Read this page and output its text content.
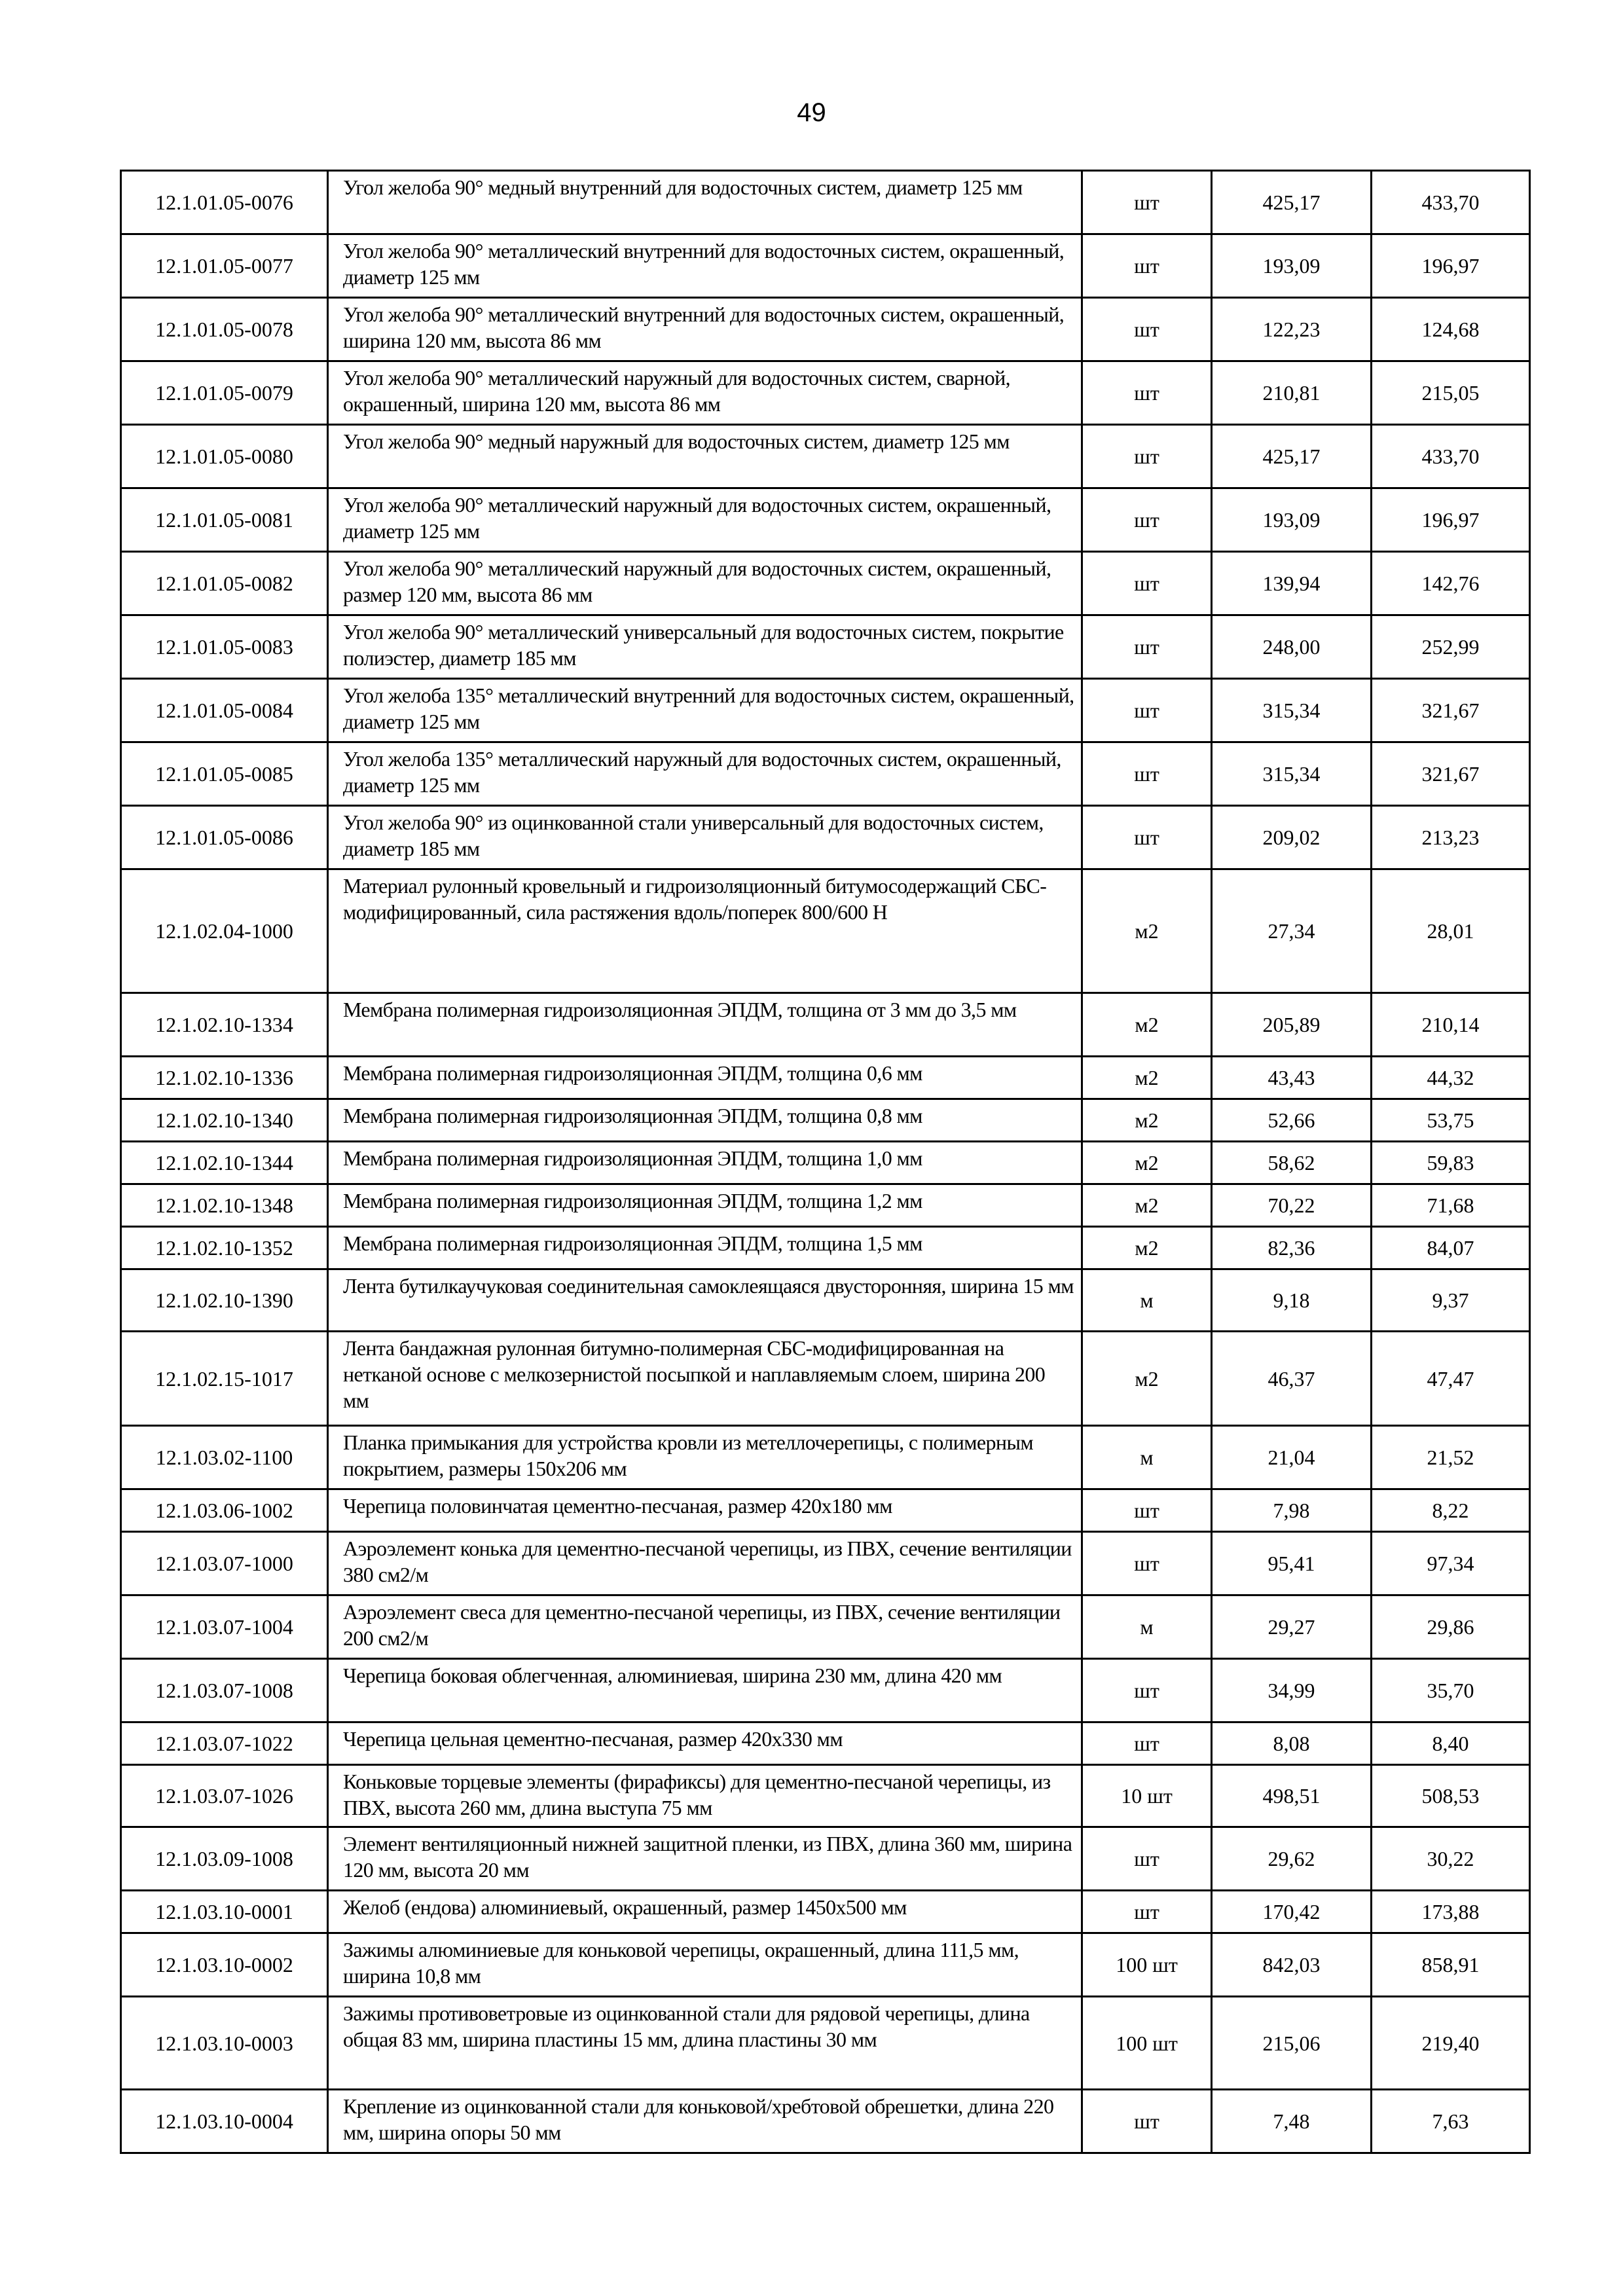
49
12.1.01.05-0076	Угол желоба 90° медный внутренний для водосточных систем, диаметр 125 мм	шт	425,17	433,70
12.1.01.05-0077	Угол желоба 90° металлический внутренний для водосточных систем, окрашенный, диаметр 125 мм	шт	193,09	196,97
12.1.01.05-0078	Угол желоба 90° металлический внутренний для водосточных систем, окрашенный, ширина 120 мм, высота 86 мм	шт	122,23	124,68
12.1.01.05-0079	Угол желоба 90° металлический наружный для водосточных систем, сварной, окрашенный, ширина 120 мм, высота 86 мм	шт	210,81	215,05
12.1.01.05-0080	Угол желоба 90° медный наружный для водосточных систем, диаметр 125 мм	шт	425,17	433,70
12.1.01.05-0081	Угол желоба 90° металлический наружный для водосточных систем, окрашенный, диаметр 125 мм	шт	193,09	196,97
12.1.01.05-0082	Угол желоба 90° металлический наружный для водосточных систем, окрашенный, размер 120 мм, высота 86 мм	шт	139,94	142,76
12.1.01.05-0083	Угол желоба 90° металлический универсальный для водосточных систем, покрытие полиэстер, диаметр 185 мм	шт	248,00	252,99
12.1.01.05-0084	Угол желоба 135° металлический внутренний для водосточных систем, окрашенный, диаметр 125 мм	шт	315,34	321,67
12.1.01.05-0085	Угол желоба 135° металлический наружный для водосточных систем, окрашенный, диаметр 125 мм	шт	315,34	321,67
12.1.01.05-0086	Угол желоба 90° из оцинкованной стали универсальный для водосточных систем, диаметр 185 мм	шт	209,02	213,23
12.1.02.04-1000	Материал рулонный кровельный и гидроизоляционный битумосодержащий СБС-модифицированный, сила растяжения вдоль/поперек 800/600 Н	м2	27,34	28,01
12.1.02.10-1334	Мембрана полимерная гидроизоляционная ЭПДМ, толщина от 3 мм до 3,5 мм	м2	205,89	210,14
12.1.02.10-1336	Мембрана полимерная гидроизоляционная ЭПДМ, толщина 0,6 мм	м2	43,43	44,32
12.1.02.10-1340	Мембрана полимерная гидроизоляционная ЭПДМ, толщина 0,8 мм	м2	52,66	53,75
12.1.02.10-1344	Мембрана полимерная гидроизоляционная ЭПДМ, толщина 1,0 мм	м2	58,62	59,83
12.1.02.10-1348	Мембрана полимерная гидроизоляционная ЭПДМ, толщина 1,2 мм	м2	70,22	71,68
12.1.02.10-1352	Мембрана полимерная гидроизоляционная ЭПДМ, толщина 1,5 мм	м2	82,36	84,07
12.1.02.10-1390	Лента бутилкаучуковая соединительная самоклеящаяся двусторонняя, ширина 15 мм	м	9,18	9,37
12.1.02.15-1017	Лента бандажная рулонная битумно-полимерная СБС-модифицированная на нетканой основе с мелкозернистой посыпкой и наплавляемым слоем, ширина 200 мм	м2	46,37	47,47
12.1.03.02-1100	Планка примыкания для устройства кровли из метеллочерепицы, с полимерным покрытием, размеры 150х206 мм	м	21,04	21,52
12.1.03.06-1002	Черепица половинчатая цементно-песчаная, размер 420х180 мм	шт	7,98	8,22
12.1.03.07-1000	Аэроэлемент конька для цементно-песчаной черепицы, из ПВХ, сечение вентиляции 380 см2/м	шт	95,41	97,34
12.1.03.07-1004	Аэроэлемент свеса для цементно-песчаной черепицы, из ПВХ, сечение вентиляции 200 см2/м	м	29,27	29,86
12.1.03.07-1008	Черепица боковая облегченная, алюминиевая, ширина 230 мм, длина 420 мм	шт	34,99	35,70
12.1.03.07-1022	Черепица цельная цементно-песчаная, размер 420х330 мм	шт	8,08	8,40
12.1.03.07-1026	Коньковые торцевые элементы (фирафиксы) для цементно-песчаной черепицы, из ПВХ, высота 260 мм, длина выступа 75 мм	10 шт	498,51	508,53
12.1.03.09-1008	Элемент вентиляционный нижней защитной пленки, из ПВХ, длина 360 мм, ширина 120 мм, высота 20 мм	шт	29,62	30,22
12.1.03.10-0001	Желоб (ендова) алюминиевый, окрашенный, размер 1450х500 мм	шт	170,42	173,88
12.1.03.10-0002	Зажимы алюминиевые для коньковой черепицы, окрашенный, длина 111,5 мм, ширина 10,8 мм	100 шт	842,03	858,91
12.1.03.10-0003	Зажимы противоветровые из оцинкованной стали для рядовой черепицы, длина общая 83 мм, ширина пластины 15 мм, длина пластины 30 мм	100 шт	215,06	219,40
12.1.03.10-0004	Крепление из оцинкованной стали для коньковой/хребтовой обрешетки, длина 220 мм, ширина опоры 50 мм	шт	7,48	7,63
